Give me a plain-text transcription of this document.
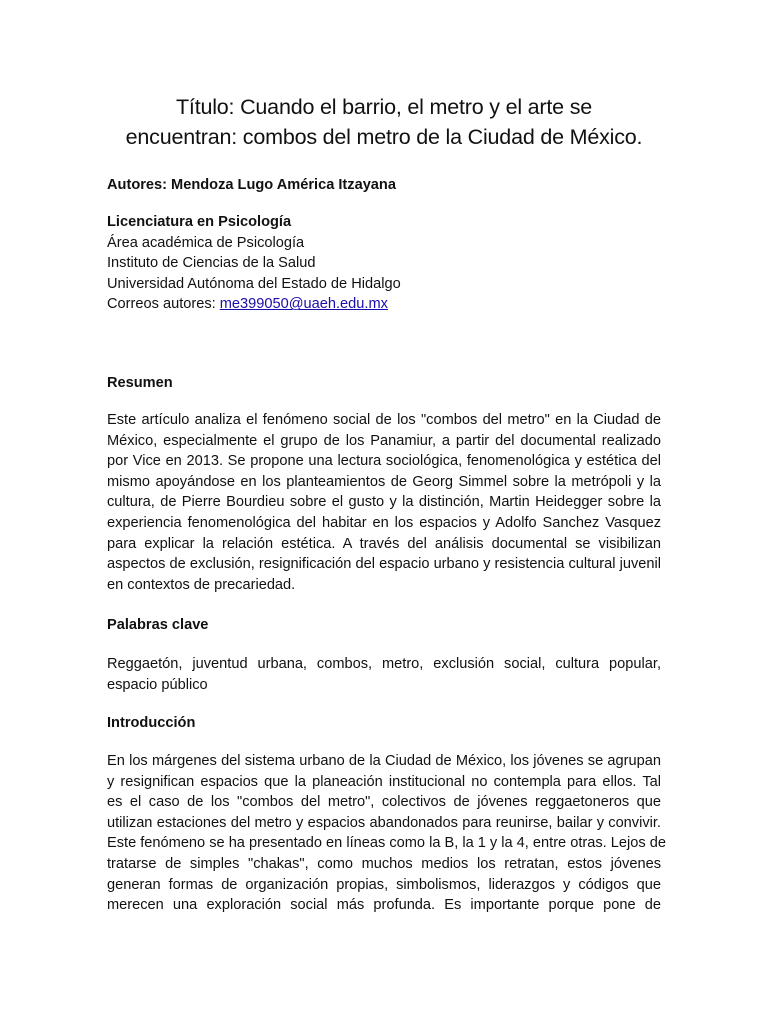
Título: Cuando el barrio, el metro y el arte se
encuentran: combos del metro de la Ciudad de México.

Autores: Mendoza Lugo América Itzayana

Licenciatura en Psicología
Área académica de Psicología
Instituto de Ciencias de la Salud
Universidad Autónoma del Estado de Hidalgo
Correos autores: me399050@uaeh.edu.mx

Resumen

Este artículo analiza el fenómeno social de los "combos del metro" en la Ciudad de
México, especialmente el grupo de los Panamiur, a partir del documental realizado
por Vice en 2013. Se propone una lectura sociológica, fenomenológica y estética del
mismo apoyándose en los planteamientos de Georg Simmel sobre la metrópoli y la
cultura, de Pierre Bourdieu sobre el gusto y la distinción, Martin Heidegger sobre la
experiencia fenomenológica del habitar en los espacios y Adolfo Sanchez Vasquez
para explicar la relación estética. A través del análisis documental se visibilizan
aspectos de exclusión, resignificación del espacio urbano y resistencia cultural juvenil
en contextos de precariedad.

Palabras clave

Reggaetón, juventud urbana, combos, metro, exclusión social, cultura popular,
espacio público

Introducción

En los márgenes del sistema urbano de la Ciudad de México, los jóvenes se agrupan
y resignifican espacios que la planeación institucional no contempla para ellos. Tal
es el caso de los "combos del metro", colectivos de jóvenes reggaetoneros que
utilizan estaciones del metro y espacios abandonados para reunirse, bailar y convivir.
Este fenómeno se ha presentado en líneas como la B, la 1 y la 4, entre otras. Lejos de
tratarse de simples "chakas", como muchos medios los retratan, estos jóvenes
generan formas de organización propias, simbolismos, liderazgos y códigos que
merecen una exploración social más profunda. Es importante porque pone de
